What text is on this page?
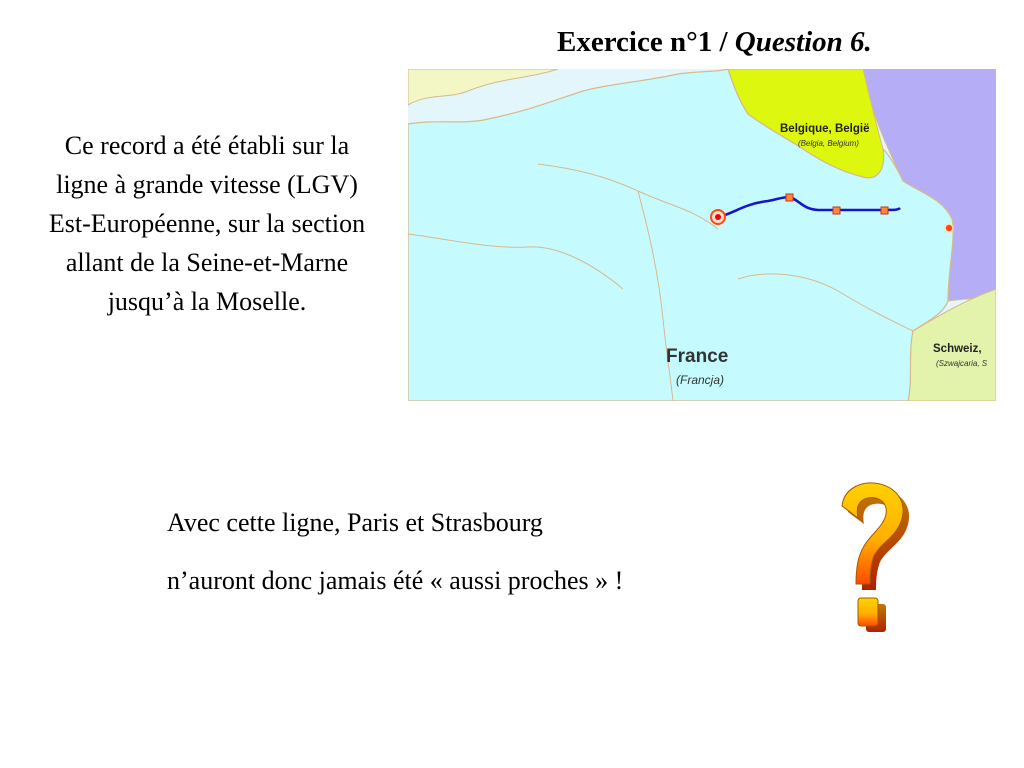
Exercice n°1 / Question 6.
Ce record a été établi sur la ligne à grande vitesse (LGV) Est-Européenne, sur la section allant de la Seine-et-Marne jusqu’à la Moselle.
Belgique, België
(Belgia, Belgium)
France
(Francja)
Schweiz,
(Szwajcaria, S

Avec cette ligne, Paris et Strasbourg

n’auront donc jamais été « aussi proches » !
